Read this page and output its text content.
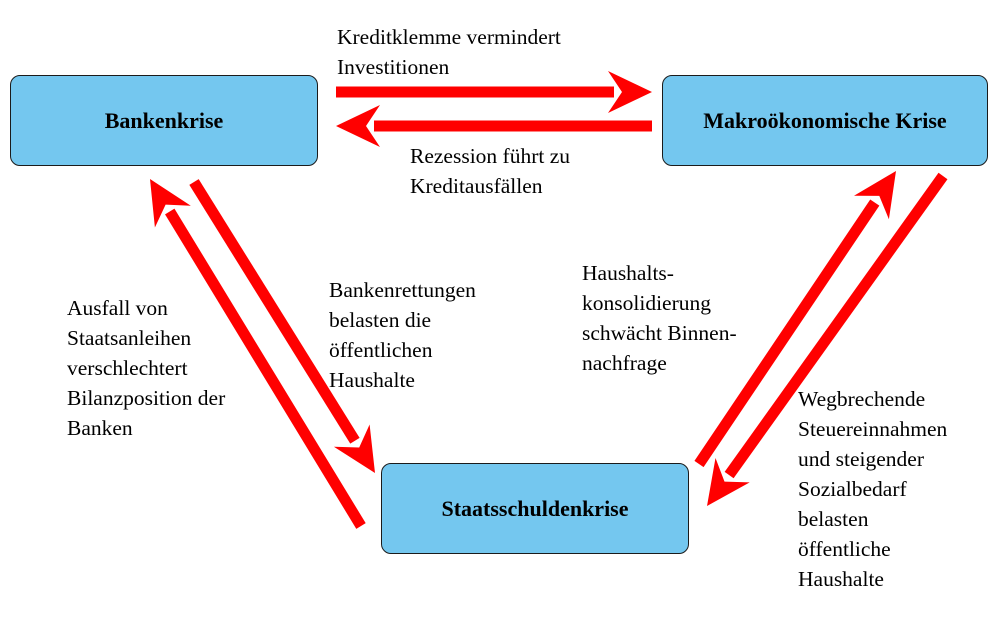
Bankenkrise	Makroökonomische Krise
Staatsschuldenkrise
Kreditklemme vermindert
Investitionen
Rezession führt zu
Kreditausfällen
Ausfall von
Staatsanleihen
verschlechtert
Bilanzposition der
Banken
Bankenrettungen
belasten die
öffentlichen
Haushalte
Haushalts-
konsolidierung
schwächt Binnen-
nachfrage
Wegbrechende
Steuereinnahmen
und steigender
Sozialbedarf
belasten
öffentliche
Haushalte
